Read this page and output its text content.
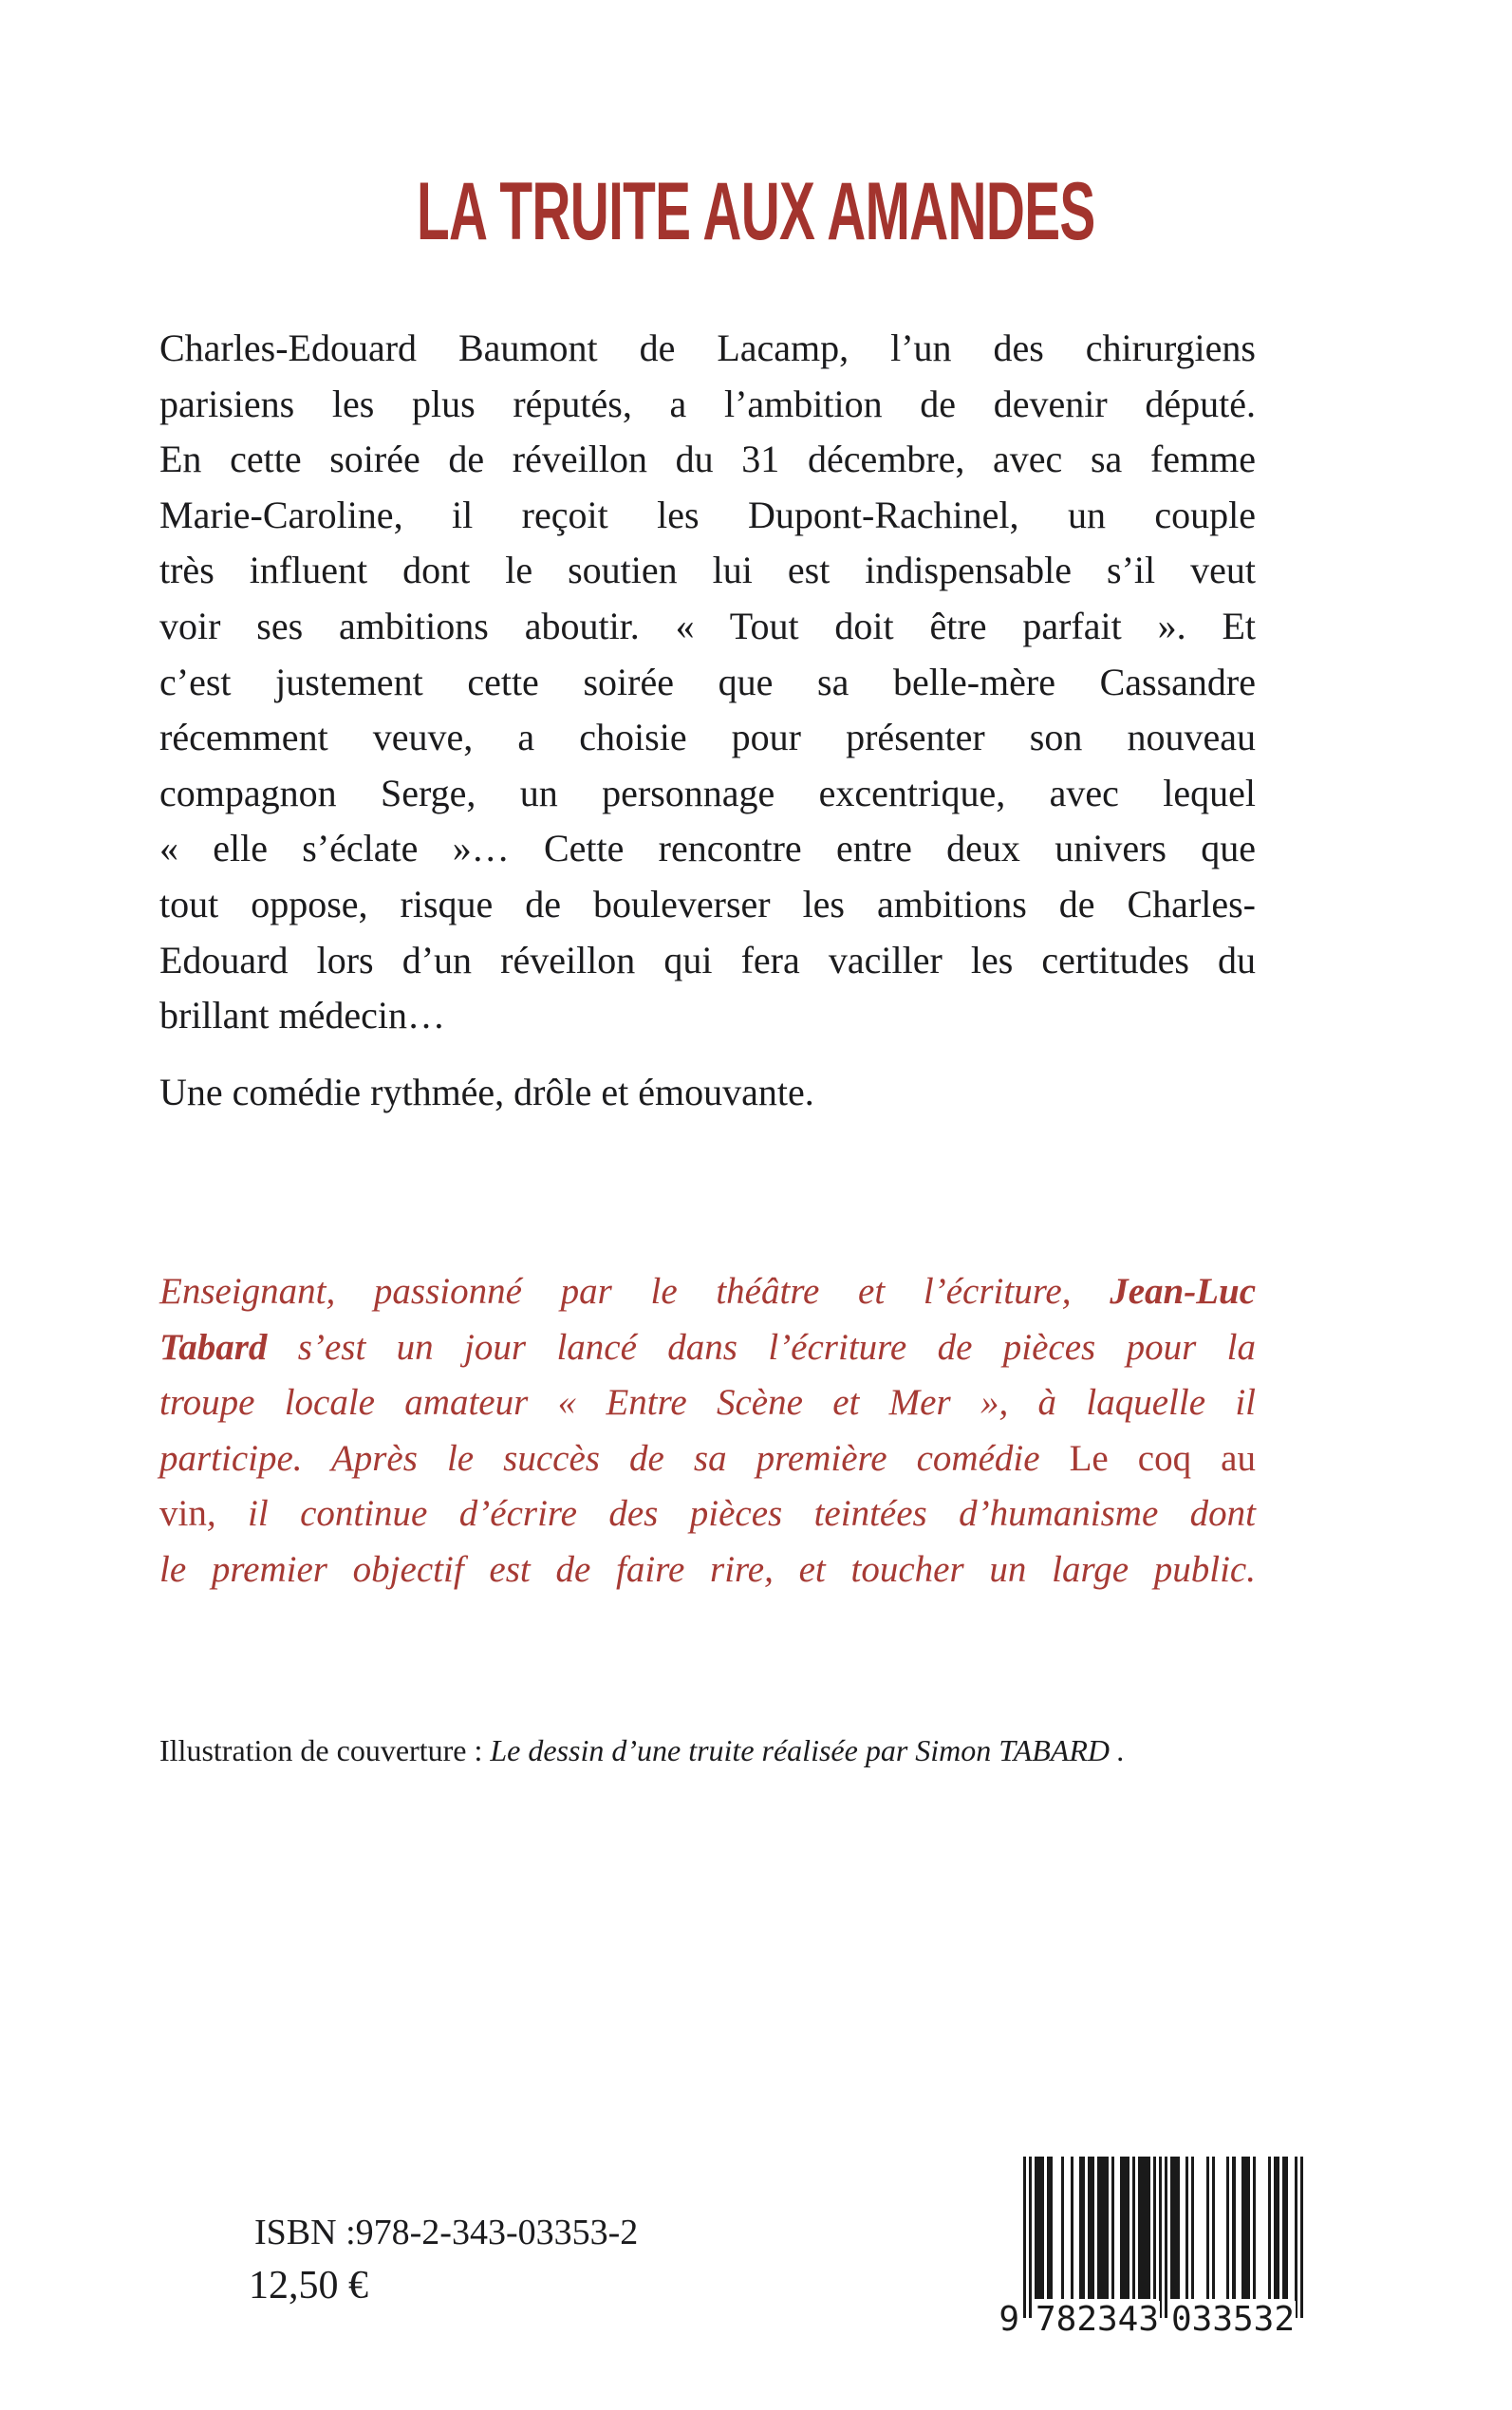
LA TRUITE AUX AMANDES
Charles-Edouard Baumont de Lacamp, l’un des chirurgiens
parisiens les plus réputés, a l’ambition de devenir député.
En cette soirée de réveillon du 31 décembre, avec sa femme
Marie-Caroline, il reçoit les Dupont-Rachinel, un couple
très influent dont le soutien lui est indispensable s’il veut
voir ses ambitions aboutir. « Tout doit être parfait ». Et
c’est justement cette soirée que sa belle-mère Cassandre
récemment veuve, a choisie pour présenter son nouveau
compagnon Serge, un personnage excentrique, avec lequel
« elle s’éclate »… Cette rencontre entre deux univers que
tout oppose, risque de bouleverser les ambitions de Charles-
Edouard lors d’un réveillon qui fera vaciller les certitudes du
brillant médecin…
Une comédie rythmée, drôle et émouvante.
Enseignant, passionné par le théâtre et l’écriture, Jean-Luc
Tabard s’est un jour lancé dans l’écriture de pièces pour la
troupe locale amateur « Entre Scène et Mer », à laquelle il
participe. Après le succès de sa première comédie Le coq au
vin, il continue d’écrire des pièces teintées d’humanisme dont
le premier objectif est de faire rire, et toucher un large public.
Illustration de couverture : Le dessin d’une truite réalisée par Simon TABARD .
ISBN :978-2-343-03353-2
12,50 €
9 782343 033532
